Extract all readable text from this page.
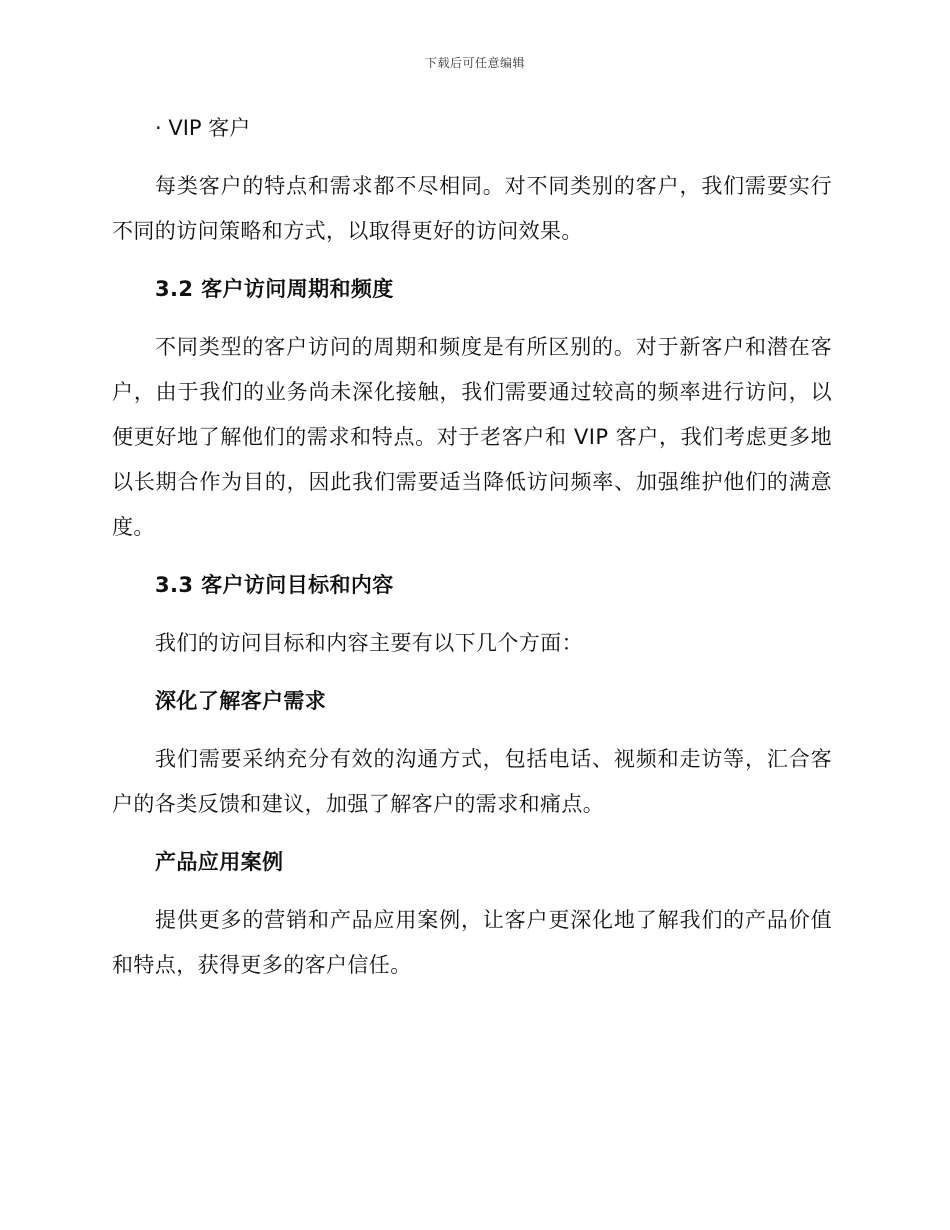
下载后可任意编辑

· VIP 客户

每类客户的特点和需求都不尽相同。对不同类别的客户，我们需要实行不同的访问策略和方式，以取得更好的访问效果。

3.2 客户访问周期和频度

不同类型的客户访问的周期和频度是有所区别的。对于新客户和潜在客户，由于我们的业务尚未深化接触，我们需要通过较高的频率进行访问，以便更好地了解他们的需求和特点。对于老客户和 VIP 客户，我们考虑更多地以长期合作为目的，因此我们需要适当降低访问频率、加强维护他们的满意度。

3.3 客户访问目标和内容

我们的访问目标和内容主要有以下几个方面：

深化了解客户需求

我们需要采纳充分有效的沟通方式，包括电话、视频和走访等，汇合客户的各类反馈和建议，加强了解客户的需求和痛点。

产品应用案例

提供更多的营销和产品应用案例，让客户更深化地了解我们的产品价值和特点，获得更多的客户信任。
